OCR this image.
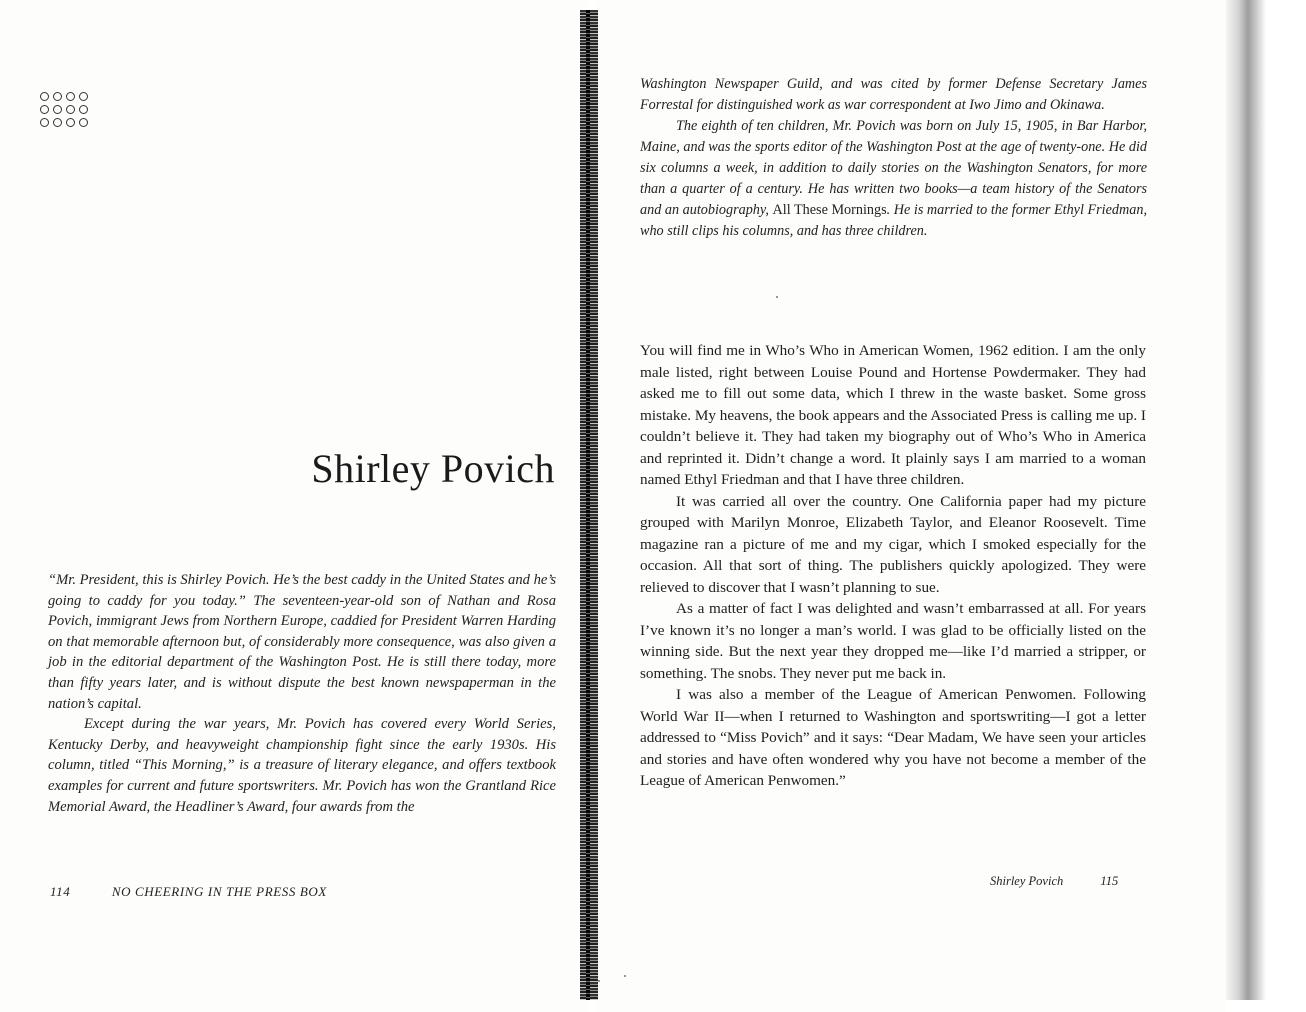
Shirley Povich

“Mr. President, this is Shirley Povich. He’s the best caddy in the United States and he’s going to caddy for you today.” The seventeen-year-old son of Nathan and Rosa Povich, immigrant Jews from Northern Europe, caddied for President Warren Harding on that memorable afternoon but, of considerably more consequence, was also given a job in the editorial department of the Washington Post. He is still there today, more than fifty years later, and is without dispute the best known newspaperman in the nation’s capital.

Except during the war years, Mr. Povich has covered every World Series, Kentucky Derby, and heavyweight championship fight since the early 1930s. His column, titled “This Morning,” is a treasure of literary elegance, and offers textbook examples for current and future sportswriters. Mr. Povich has won the Grantland Rice Memorial Award, the Headliner’s Award, four awards from the

114	NO CHEERING IN THE PRESS BOX

Washington Newspaper Guild, and was cited by former Defense Secretary James Forrestal for distinguished work as war correspondent at Iwo Jimo and Okinawa.

The eighth of ten children, Mr. Povich was born on July 15, 1905, in Bar Harbor, Maine, and was the sports editor of the Washington Post at the age of twenty-one. He did six columns a week, in addition to daily stories on the Washington Senators, for more than a quarter of a century. He has written two books—a team history of the Senators and an autobiography, All These Mornings. He is married to the former Ethyl Friedman, who still clips his columns, and has three children.

You will find me in Who’s Who in American Women, 1962 edition. I am the only male listed, right between Louise Pound and Hortense Powdermaker. They had asked me to fill out some data, which I threw in the waste basket. Some gross mistake. My heavens, the book appears and the Associated Press is calling me up. I couldn’t believe it. They had taken my biography out of Who’s Who in America and reprinted it. Didn’t change a word. It plainly says I am married to a woman named Ethyl Friedman and that I have three children.

It was carried all over the country. One California paper had my picture grouped with Marilyn Monroe, Elizabeth Taylor, and Eleanor Roosevelt. Time magazine ran a picture of me and my cigar, which I smoked especially for the occasion. All that sort of thing. The publishers quickly apologized. They were relieved to discover that I wasn’t planning to sue.

As a matter of fact I was delighted and wasn’t embarrassed at all. For years I’ve known it’s no longer a man’s world. I was glad to be officially listed on the winning side. But the next year they dropped me—like I’d married a stripper, or something. The snobs. They never put me back in.

I was also a member of the League of American Penwomen. Following World War II—when I returned to Washington and sportswriting—I got a letter addressed to “Miss Povich” and it says: “Dear Madam, We have seen your articles and stories and have often wondered why you have not become a member of the League of American Penwomen.”

Shirley Povich	115
